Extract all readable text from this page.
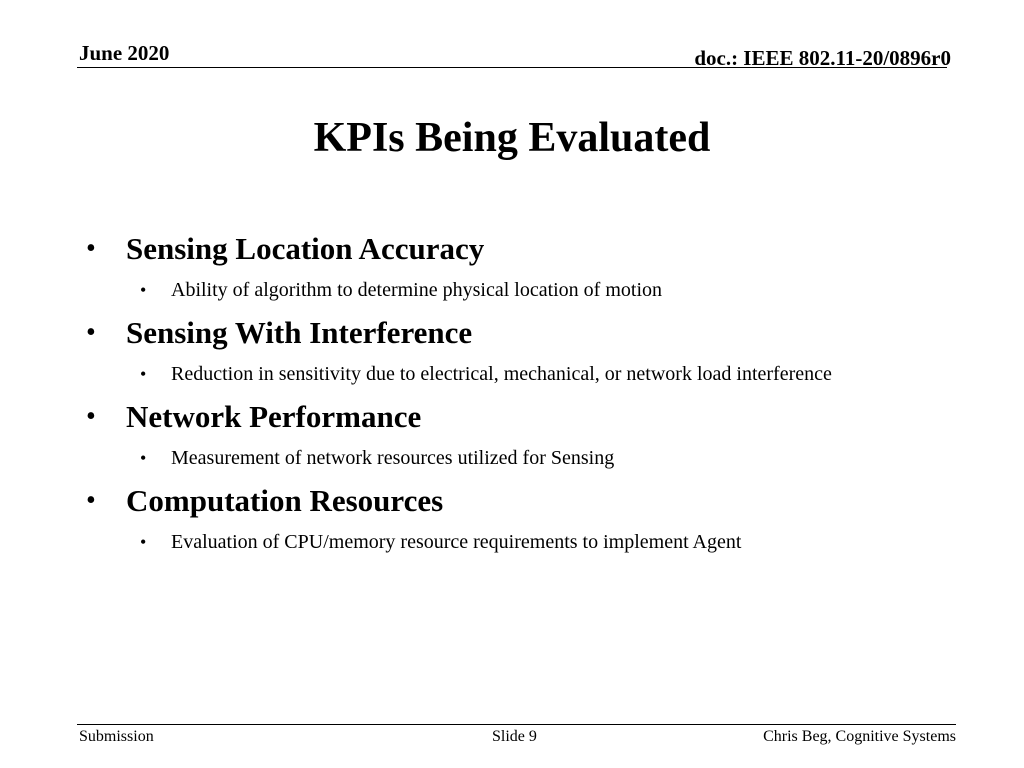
June 2020	doc.: IEEE 802.11-20/0896r0
KPIs Being Evaluated
• Sensing Location Accuracy
• Ability of algorithm to determine physical location of motion
• Sensing With Interference
• Reduction in sensitivity due to electrical, mechanical, or network load interference
• Network Performance
• Measurement of network resources utilized for Sensing
• Computation Resources
• Evaluation of CPU/memory resource requirements to implement Agent
Submission	Slide 9	Chris Beg, Cognitive Systems
